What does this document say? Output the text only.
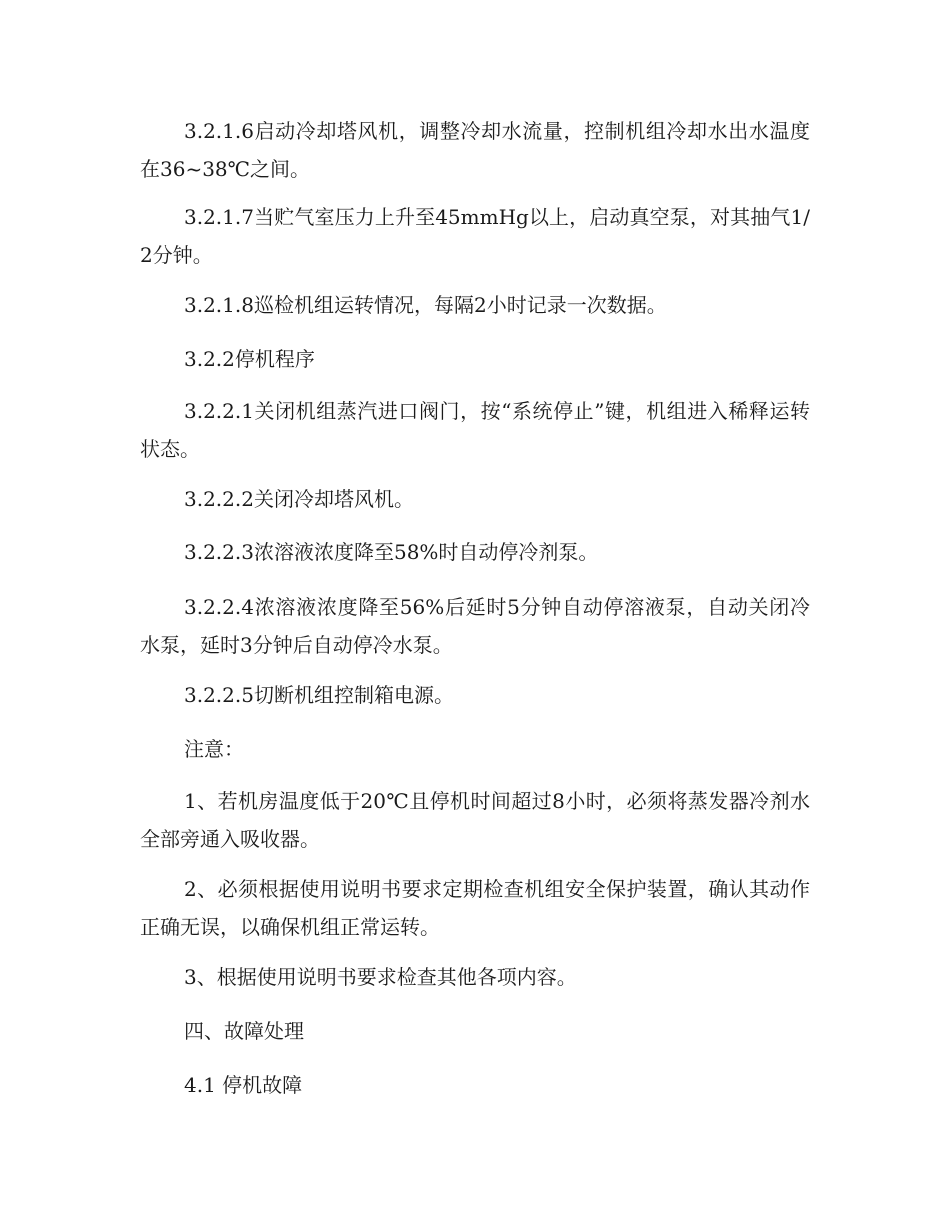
3.2.1.6启动冷却塔风机，调整冷却水流量，控制机组冷却水出水温度在36~38℃之间。

3.2.1.7当贮气室压力上升至45mmHg以上，启动真空泵，对其抽气1/2分钟。

3.2.1.8巡检机组运转情况，每隔2小时记录一次数据。

3.2.2停机程序

3.2.2.1关闭机组蒸汽进口阀门，按“系统停止”键，机组进入稀释运转状态。

3.2.2.2关闭冷却塔风机。

3.2.2.3浓溶液浓度降至58%时自动停冷剂泵。

3.2.2.4浓溶液浓度降至56%后延时5分钟自动停溶液泵，自动关闭冷水泵，延时3分钟后自动停冷水泵。

3.2.2.5切断机组控制箱电源。

注意：

1、若机房温度低于20℃且停机时间超过8小时，必须将蒸发器冷剂水全部旁通入吸收器。

2、必须根据使用说明书要求定期检查机组安全保护装置，确认其动作正确无误，以确保机组正常运转。

3、根据使用说明书要求检查其他各项内容。

四、故障处理

4.1 停机故障
